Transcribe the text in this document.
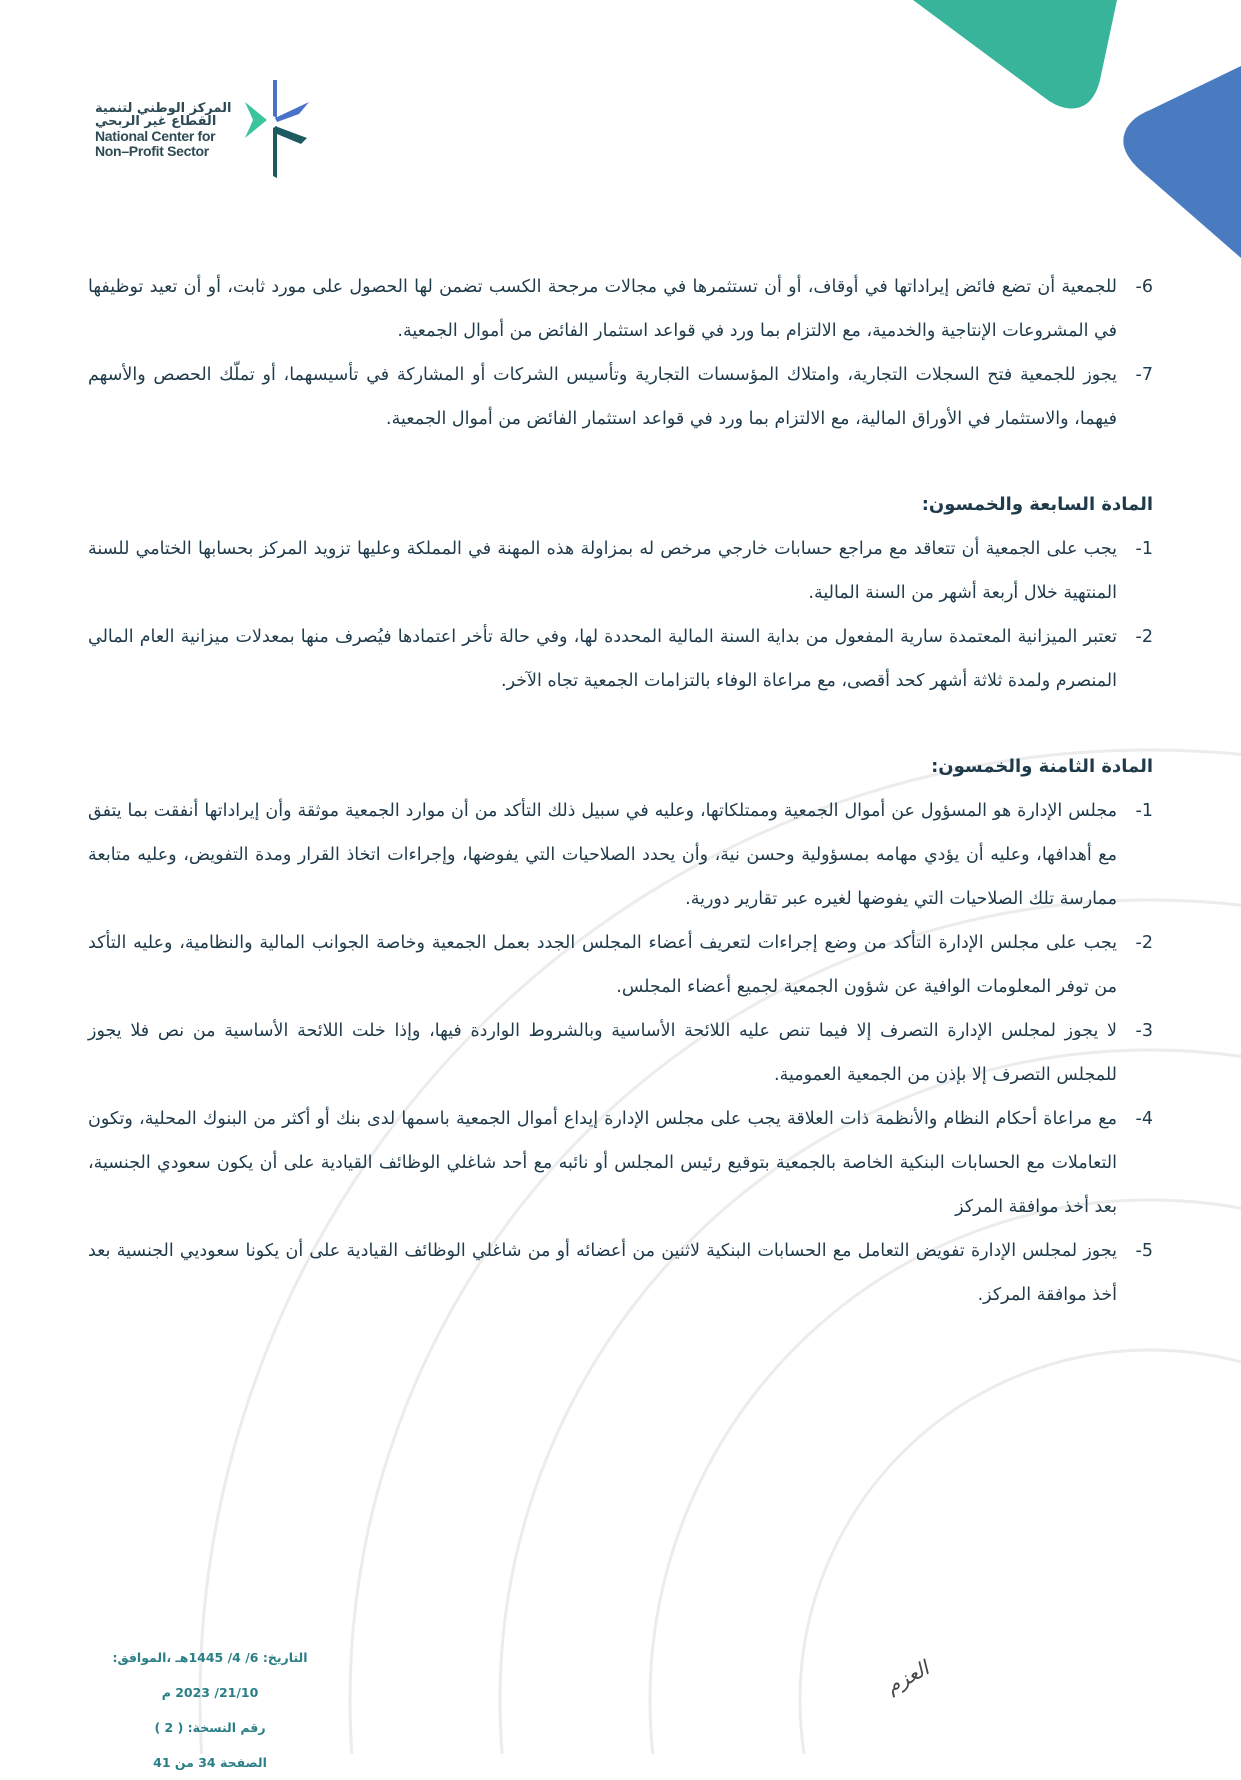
المركز الوطني لتنمية
القطاع غير الربحي
National Center for
Non–Profit Sector
6-
للجمعية أن تضع فائض إيراداتها في أوقاف، أو أن تستثمرها في مجالات مرجحة الكسب تضمن لها الحصول على مورد ثابت، أو أن تعيد توظيفها في المشروعات الإنتاجية والخدمية، مع الالتزام بما ورد في قواعد استثمار الفائض من أموال الجمعية.
7-
يجوز للجمعية فتح السجلات التجارية، وامتلاك المؤسسات التجارية وتأسيس الشركات أو المشاركة في تأسيسهما، أو تملّك الحصص والأسهم فيهما، والاستثمار في الأوراق المالية، مع الالتزام بما ورد في قواعد استثمار الفائض من أموال الجمعية.
المادة السابعة والخمسون:
1-
يجب على الجمعية أن تتعاقد مع مراجع حسابات خارجي مرخص له بمزاولة هذه المهنة في المملكة وعليها تزويد المركز بحسابها الختامي للسنة المنتهية خلال أربعة أشهر من السنة المالية.
2-
تعتبر الميزانية المعتمدة سارية المفعول من بداية السنة المالية المحددة لها، وفي حالة تأخر اعتمادها فيُصرف منها بمعدلات ميزانية العام المالي المنصرم ولمدة ثلاثة أشهر كحد أقصى، مع مراعاة الوفاء بالتزامات الجمعية تجاه الآخر.
المادة الثامنة والخمسون:
1-
مجلس الإدارة هو المسؤول عن أموال الجمعية وممتلكاتها، وعليه في سبيل ذلك التأكد من أن موارد الجمعية موثقة وأن إيراداتها أنفقت بما يتفق مع أهدافها، وعليه أن يؤدي مهامه بمسؤولية وحسن نية، وأن يحدد الصلاحيات التي يفوضها، وإجراءات اتخاذ القرار ومدة التفويض، وعليه متابعة ممارسة تلك الصلاحيات التي يفوضها لغيره عبر تقارير دورية.
2-
يجب على مجلس الإدارة التأكد من وضع إجراءات لتعريف أعضاء المجلس الجدد بعمل الجمعية وخاصة الجوانب المالية والنظامية، وعليه التأكد من توفر المعلومات الوافية عن شؤون الجمعية لجميع أعضاء المجلس.
3-
لا يجوز لمجلس الإدارة التصرف إلا فيما تنص عليه اللائحة الأساسية وبالشروط الواردة فيها، وإذا خلت اللائحة الأساسية من نص فلا يجوز للمجلس التصرف إلا بإذن من الجمعية العمومية.
4-
مع مراعاة أحكام النظام والأنظمة ذات العلاقة يجب على مجلس الإدارة إيداع أموال الجمعية باسمها لدى بنك أو أكثر من البنوك المحلية، وتكون التعاملات مع الحسابات البنكية الخاصة بالجمعية بتوقيع رئيس المجلس أو نائبه مع أحد شاغلي الوظائف القيادية على أن يكون سعودي الجنسية، بعد أخذ موافقة المركز
5-
يجوز لمجلس الإدارة تفويض التعامل مع الحسابات البنكية لاثنين من أعضائه أو من شاغلي الوظائف القيادية على أن يكونا سعوديي الجنسية بعد أخذ موافقة المركز.
التاريخ: 6/ 4/ 1445هـ ،الموافق: 21/10/ 2023 م
رقم النسخة: ( 2 )
الصفحة 34 من 41
العزم
